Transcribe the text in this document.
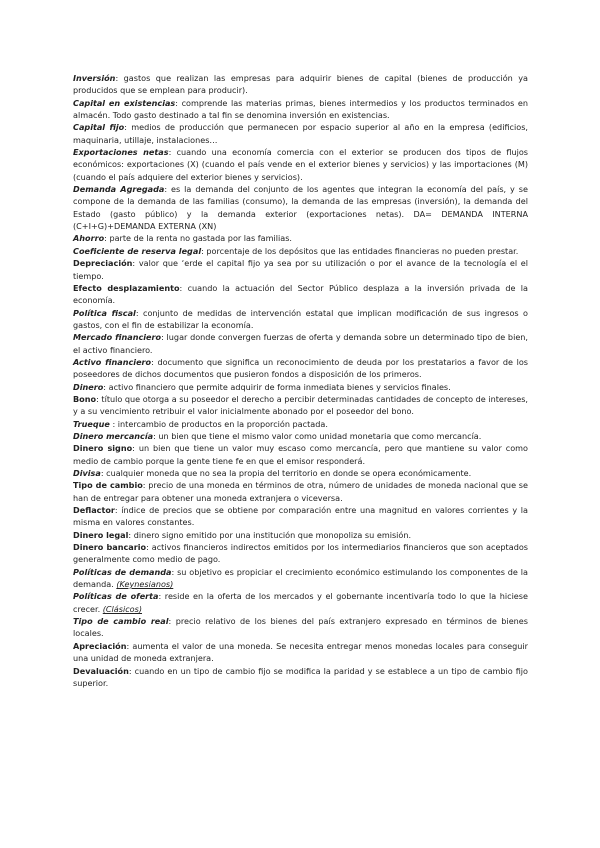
Inversión: gastos que realizan las empresas para adquirir bienes de capital (bienes de producción ya producidos que se emplean para producir).

Capital en existencias: comprende las materias primas, bienes intermedios y los productos terminados en almacén. Todo gasto destinado a tal fin se denomina inversión en existencias.

Capital fijo: medios de producción que permanecen por espacio superior al año en la empresa (edificios, maquinaria, utillaje, instalaciones…

Exportaciones netas: cuando una economía comercia con el exterior se producen dos tipos de flujos económicos: exportaciones (X) (cuando el país vende en el exterior bienes y servicios) y las importaciones (M) (cuando el país adquiere del exterior bienes y servicios).

Demanda Agregada: es la demanda del conjunto de los agentes que integran la economía del país, y se compone de la demanda de las familias (consumo), la demanda de las empresas (inversión), la demanda del Estado (gasto público) y la demanda exterior (exportaciones netas). DA= DEMANDA INTERNA (C+I+G)+DEMANDA EXTERNA (XN)

Ahorro: parte de la renta no gastada por las familias.

Coeficiente de reserva legal: porcentaje de los depósitos que las entidades financieras no pueden prestar.

Depreciación: valor que ‘erde el capital fijo ya sea por su utilización o por el avance de la tecnología el el tiempo.

Efecto desplazamiento: cuando la actuación del Sector Público desplaza a la inversión privada de la economía.

Política fiscal: conjunto de medidas de intervención estatal que implican modificación de sus ingresos o gastos, con el fin de estabilizar la economía.

Mercado financiero: lugar donde convergen fuerzas de oferta y demanda sobre un determinado tipo de bien, el activo financiero.

Activo financiero: documento que significa un reconocimiento de deuda por los prestatarios a favor de los poseedores de dichos documentos que pusieron fondos a disposición de los primeros.

Dinero: activo financiero que permite adquirir de forma inmediata bienes y servicios finales.

Bono: título que otorga a su poseedor el derecho a percibir determinadas cantidades de concepto de intereses, y a su vencimiento retribuir el valor inicialmente abonado por el poseedor del bono.

Trueque : intercambio de productos en la proporción pactada.

Dinero mercancía: un bien que tiene el mismo valor como unidad monetaria que como mercancía.

Dinero signo: un bien que tiene un valor muy escaso como mercancía, pero que mantiene su valor como medio de cambio porque la gente tiene fe en que el emisor responderá.

Divisa: cualquier moneda que no sea la propia del territorio en donde se opera económicamente.

Tipo de cambio: precio de una moneda en términos de otra, número de unidades de moneda nacional que se han de entregar para obtener una moneda extranjera o viceversa.

Deflactor: índice de precios que se obtiene por comparación entre una magnitud en valores corrientes y la misma en valores constantes.

Dinero legal: dinero signo emitido por una institución que monopoliza su emisión.

Dinero bancario: activos financieros indirectos emitidos por los intermediarios financieros que son aceptados generalmente como medio de pago.

Políticas de demanda: su objetivo es propiciar el crecimiento económico estimulando los componentes de la demanda. (Keynesianos)

Políticas de oferta: reside en la oferta de los mercados y el gobernante incentivaría todo lo que la hiciese crecer. (Clásicos)

Tipo de cambio real: precio relativo de los bienes del país extranjero expresado en términos de bienes locales.

Apreciación: aumenta el valor de una moneda. Se necesita entregar menos monedas locales para conseguir una unidad de moneda extranjera.

Devaluación: cuando en un tipo de cambio fijo se modifica la paridad y se establece a un tipo de cambio fijo superior.
